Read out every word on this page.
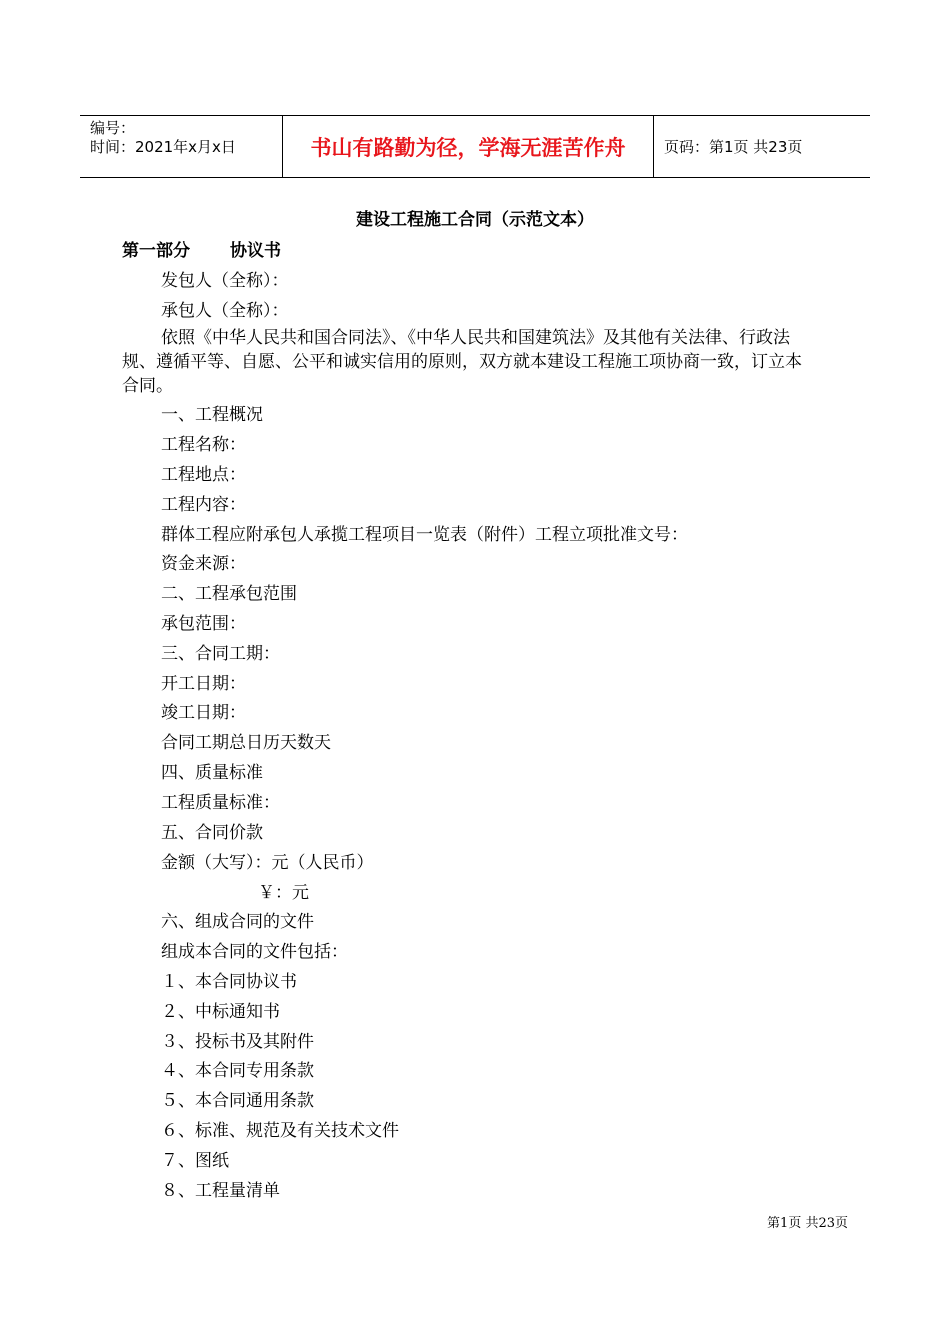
编号：
时间：2021年x月x日	书山有路勤为径，学海无涯苦作舟	页码：第1页 共23页
建设工程施工合同（示范文本）
第一部分 协议书
发包人（全称）：
承包人（全称）：
依照《中华人民共和国合同法》、《中华人民共和国建筑法》及其他有关法律、行政法规、遵循平等、自愿、公平和诚实信用的原则，双方就本建设工程施工项协商一致，订立本合同。
一、工程概况
工程名称：
工程地点：
工程内容：
群体工程应附承包人承揽工程项目一览表（附件）工程立项批准文号：
资金来源：
二、工程承包范围
承包范围：
三、合同工期：
开工日期：
竣工日期：
合同工期总日历天数天
四、质量标准
工程质量标准：
五、合同价款
金额（大写）：元（人民币）
￥：元
六、组成合同的文件
组成本合同的文件包括：
１、本合同协议书
２、中标通知书
３、投标书及其附件
４、本合同专用条款
５、本合同通用条款
６、标准、规范及有关技术文件
７、图纸
８、工程量清单
第1页 共23页
